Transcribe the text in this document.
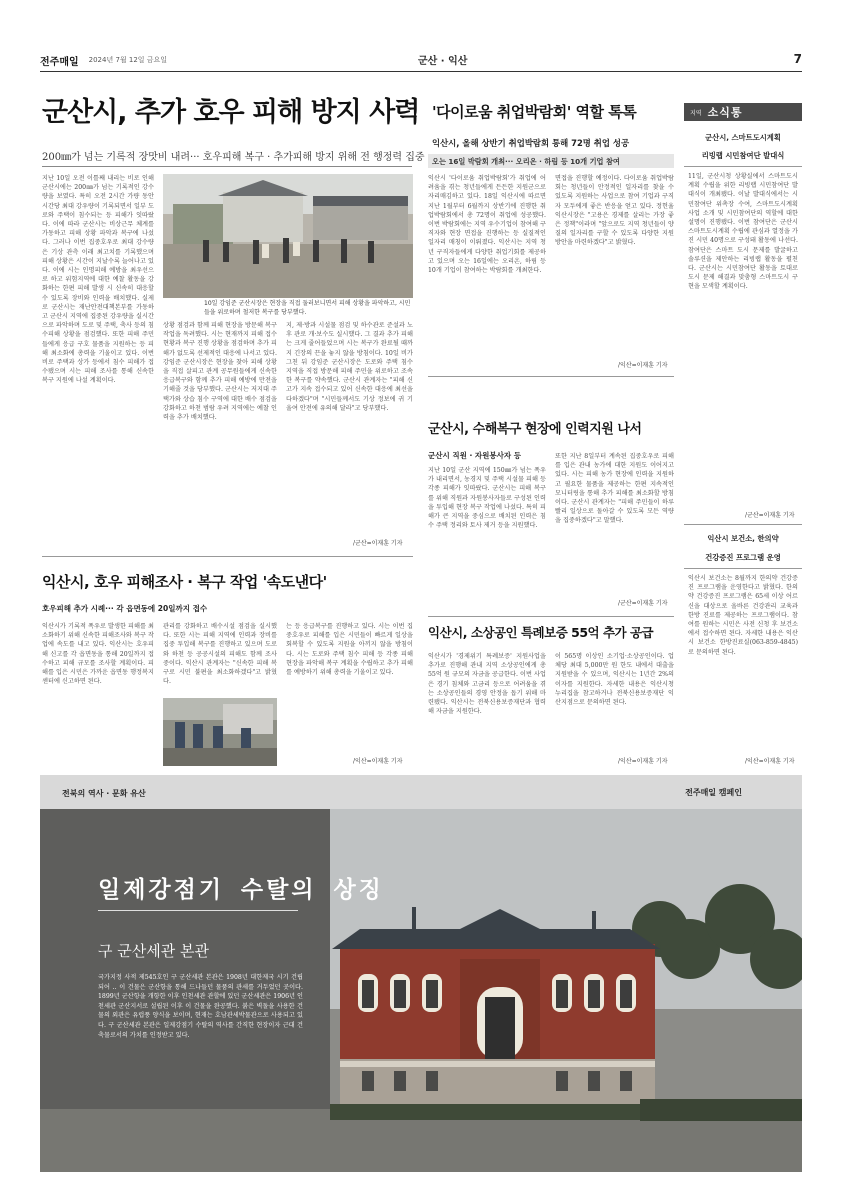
전주매일 2024년 7월 12일 금요일	군산 · 익산	7
군산시, 추가 호우 피해 방지 사력
200㎜가 넘는 기록적 장맛비 내려··· 호우피해 복구 · 추가피해 방지 위해 전 행정력 집중
지난 10일 오전 이틀째 내리는 비로 인해 군산시에는 200㎜가 넘는 기록적인 강수량을 보였다. 특히 오전 2시간 가량 동안 시간당 최대 강우량이 기록되면서 일부 도로와 주택이 침수되는 등 피해가 잇따랐다. 이에 따라 군산시는 비상근무 체계를 가동하고 피해 상황 파악과 복구에 나섰다. 그러나 이번 집중호우로 최대 강수량은 기상 관측 이래 최고치를 기록했으며 피해 상황은 시간이 지날수록 늘어나고 있다. 이에 시는 인명피해 예방을 최우선으로 하고 위험지역에 대한 예찰 활동을 강화하는 한편 피해 발생 시 신속히 대응할 수 있도록 장비와 인력을 배치했다. 실제로 군산시는 재난안전대책본부를 가동하고 군산시 지역에 집중된 강우량을 실시간으로 파악하며 도로 및 주택, 축사 등의 침수피해 상황을 점검했다. 또한 피해 주민들에게 응급 구호 물품을 지원하는 등 피해 최소화에 총력을 기울이고 있다. 이번 비로 주택과 상가 등에서 침수 피해가 접수됐으며 시는 피해 조사를 통해 신속한 복구 지원에 나설 계획이다.
10일 강임준 군산시장은 현장을 직접 둘러보니면서 피해 상황을 파악하고, 시민들을 위로하며 철저한 복구를 당부했다.
상황 점검과 함께 피해 현장을 방문해 복구 작업을 독려했다. 시는 현재까지 피해 접수 현황과 복구 진행 상황을 점검하며 추가 피해가 없도록 선제적인 대응에 나서고 있다. 강임준 군산시장은 현장을 찾아 피해 상황을 직접 살피고 관계 공무원들에게 신속한 응급복구와 함께 추가 피해 예방에 만전을 기해줄 것을 당부했다. 군산시는 저지대 주택가와 상습 침수 구역에 대한 배수 점검을 강화하고 하천 범람 우려 지역에는 예찰 인력을 추가 배치했다.
지, 제·방과 시설물 점검 및 하수관로 준설과 노후 관로 개·보수도 실시했다. 그 결과 추가 피해는 크게 줄어들었으며 시는 복구가 완료될 때까지 긴장의 끈을 놓지 않을 방침이다. 10일 비가 그친 뒤 강임준 군산시장은 도로와 주택 침수 지역을 직접 방문해 피해 주민을 위로하고 조속한 복구를 약속했다. 군산시 관계자는 "피해 신고가 지속 접수되고 있어 신속한 대응에 최선을 다하겠다"며 "시민들께서도 기상 정보에 귀 기울여 안전에 유의해 달라"고 당부했다.
/군산=이재훈 기자
익산시, 호우 피해조사 · 복구 작업 '속도낸다'
호우피해 추가 시례··· 각 읍면동에 20일까지 접수
익산시가 기록적 폭우로 발생한 피해를 최소화하기 위해 신속한 피해조사와 복구 작업에 속도를 내고 있다. 익산시는 호우피해 신고를 각 읍면동을 통해 20일까지 접수하고 피해 규모를 조사할 계획이다. 피해를 입은 시민은 가까운 읍면동 행정복지센터에 신고하면 된다.
관리를 강화하고 배수시설 점검을 실시했다. 또한 시는 피해 지역에 인력과 장비를 집중 투입해 복구를 진행하고 있으며 도로와 하천 등 공공시설의 피해도 함께 조사 중이다. 익산시 관계자는 "신속한 피해 복구로 시민 불편을 최소화하겠다"고 밝혔다.
는 등 응급복구를 진행하고 있다. 시는 이번 집중호우로 피해를 입은 시민들이 빠르게 일상을 회복할 수 있도록 지원을 아끼지 않을 방침이다. 시는 도로와 주택 침수 피해 등 각종 피해 현장을 파악해 복구 계획을 수립하고 추가 피해를 예방하기 위해 총력을 기울이고 있다.
/익산=이재훈 기자
'다이로움 취업박람회' 역할 톡톡
익산시, 올해 상반기 취업박람회 통해 72명 취업 성공
오는 16일 박람회 개최··· 오리온 · 하림 등 10개 기업 참여
익산시 '다이로움 취업박람회'가 취업에 어려움을 겪는 청년들에게 든든한 지원군으로 자리매김하고 있다. 18일 익산시에 따르면 지난 1월부터 6월까지 상반기에 진행한 취업박람회에서 총 72명이 취업에 성공했다. 이번 박람회에는 지역 우수기업이 참여해 구직자와 현장 면접을 진행하는 등 실질적인 일자리 매칭이 이뤄졌다. 익산시는 지역 청년 구직자들에게 다양한 취업기회를 제공하고 있으며 오는 16일에는 오리온, 하림 등 10개 기업이 참여하는 박람회를 개최한다.
면접을 진행할 예정이다. 다이로움 취업박람회는 청년들이 안정적인 일자리를 찾을 수 있도록 지원하는 사업으로 참여 기업과 구직자 모두에게 좋은 반응을 얻고 있다. 정헌율 익산시장은 "고용은 경제를 살리는 가장 좋은 정책"이라며 "앞으로도 지역 청년들이 양질의 일자리를 구할 수 있도록 다양한 지원 방안을 마련하겠다"고 밝혔다.
/익산=이재훈 기자
군산시, 수해복구 현장에 인력지원 나서
군산시 직원 · 자원봉사자 등
지난 10일 군산 지역에 150㎜가 넘는 폭우가 내리면서, 농경지 및 주택 시설물 피해 등 각종 피해가 잇따랐다. 군산시는 피해 복구를 위해 직원과 자원봉사자들로 구성된 인력을 투입해 현장 복구 작업에 나섰다. 특히 피해가 큰 지역을 중심으로 배치된 인력은 침수 주택 정리와 토사 제거 등을 지원했다.
또한 지난 8일부터 계속된 집중호우로 피해를 입은 관내 농가에 대한 지원도 이어지고 있다. 시는 피해 농가 현장에 인력을 지원하고 필요한 물품을 제공하는 한편 지속적인 모니터링을 통해 추가 피해를 최소화할 방침이다. 군산시 관계자는 "피해 주민들이 하루빨리 일상으로 돌아갈 수 있도록 모든 역량을 집중하겠다"고 말했다.
/군산=이재훈 기자
익산시, 소상공인 특례보증 55억 추가 공급
익산시가 '경제위기 특례보증' 지원사업을 추가로 진행해 관내 지역 소상공인에게 총 55억 원 규모의 자금을 공급한다. 이번 사업은 경기 침체와 고금리 등으로 어려움을 겪는 소상공인들의 경영 안정을 돕기 위해 마련됐다. 익산시는 전북신용보증재단과 협력해 자금을 지원한다.
이 565명 이상인 소기업·소상공인이다. 업체당 최대 5,000만 원 한도 내에서 대출을 지원받을 수 있으며, 익산시는 1년간 2%의 이자를 지원한다. 자세한 내용은 익산시청 누리집을 참고하거나 전북신용보증재단 익산지점으로 문의하면 된다.
/익산=이재훈 기자
지역 소식통
군산시, 스마트도시계획
리빙랩 시민참여단 발대식
11일, 군산시청 상황실에서 스마트도시계획 수립을 위한 리빙랩 시민참여단 발대식이 개최됐다. 이날 발대식에서는 시민참여단 위촉장 수여, 스마트도시계획 사업 소개 및 시민참여단의 역할에 대한 설명이 진행됐다. 이번 참여단은 군산시 스마트도시계획 수립에 관심과 열정을 가진 시민 40명으로 구성돼 활동에 나선다. 참여단은 스마트 도시 문제를 발굴하고 솔루션을 제안하는 리빙랩 활동을 펼친다. 군산시는 시민참여단 활동을 토대로 도시 문제 해결과 맞춤형 스마트도시 구현을 모색할 계획이다.
/군산=이재훈 기자
익산시 보건소, 한의약
건강증진 프로그램 운영
익산시 보건소는 8월까지 한의약 건강증진 프로그램을 운영한다고 밝혔다. 한의약 건강증진 프로그램은 65세 이상 어르신을 대상으로 올바른 건강관리 교육과 한방 진료를 제공하는 프로그램이다. 참여를 원하는 시민은 사전 신청 후 보건소에서 접수하면 된다. 자세한 내용은 익산시 보건소 한방진료실(063-859-4845)로 문의하면 된다.
/익산=이재훈 기자
전북의 역사 · 문화 유산	전주매일 캠페인
일제강점기 수탈의 상징
구 군산세관 본관
국가지정 사적 제545호인 구 군산세관 본관은 1908년 대한제국 시기 건립되어 ‥ 이 건물은 군산항을 통해 드나들던 물품의 관세를 거두었던 곳이다. 1899년 군산항을 개항한 이후 인천세관 관할에 있던 군산세관은 1906년 인천세관 군산지서로 설립된 이후 이 건물을 완공했다. 붉은 벽돌을 사용한 건물의 외관은 유럽풍 양식을 보이며, 현재는 호남관세박물관으로 사용되고 있다. 구 군산세관 본관은 일제강점기 수탈의 역사를 간직한 현장이자 근대 건축물로서의 가치를 인정받고 있다.
